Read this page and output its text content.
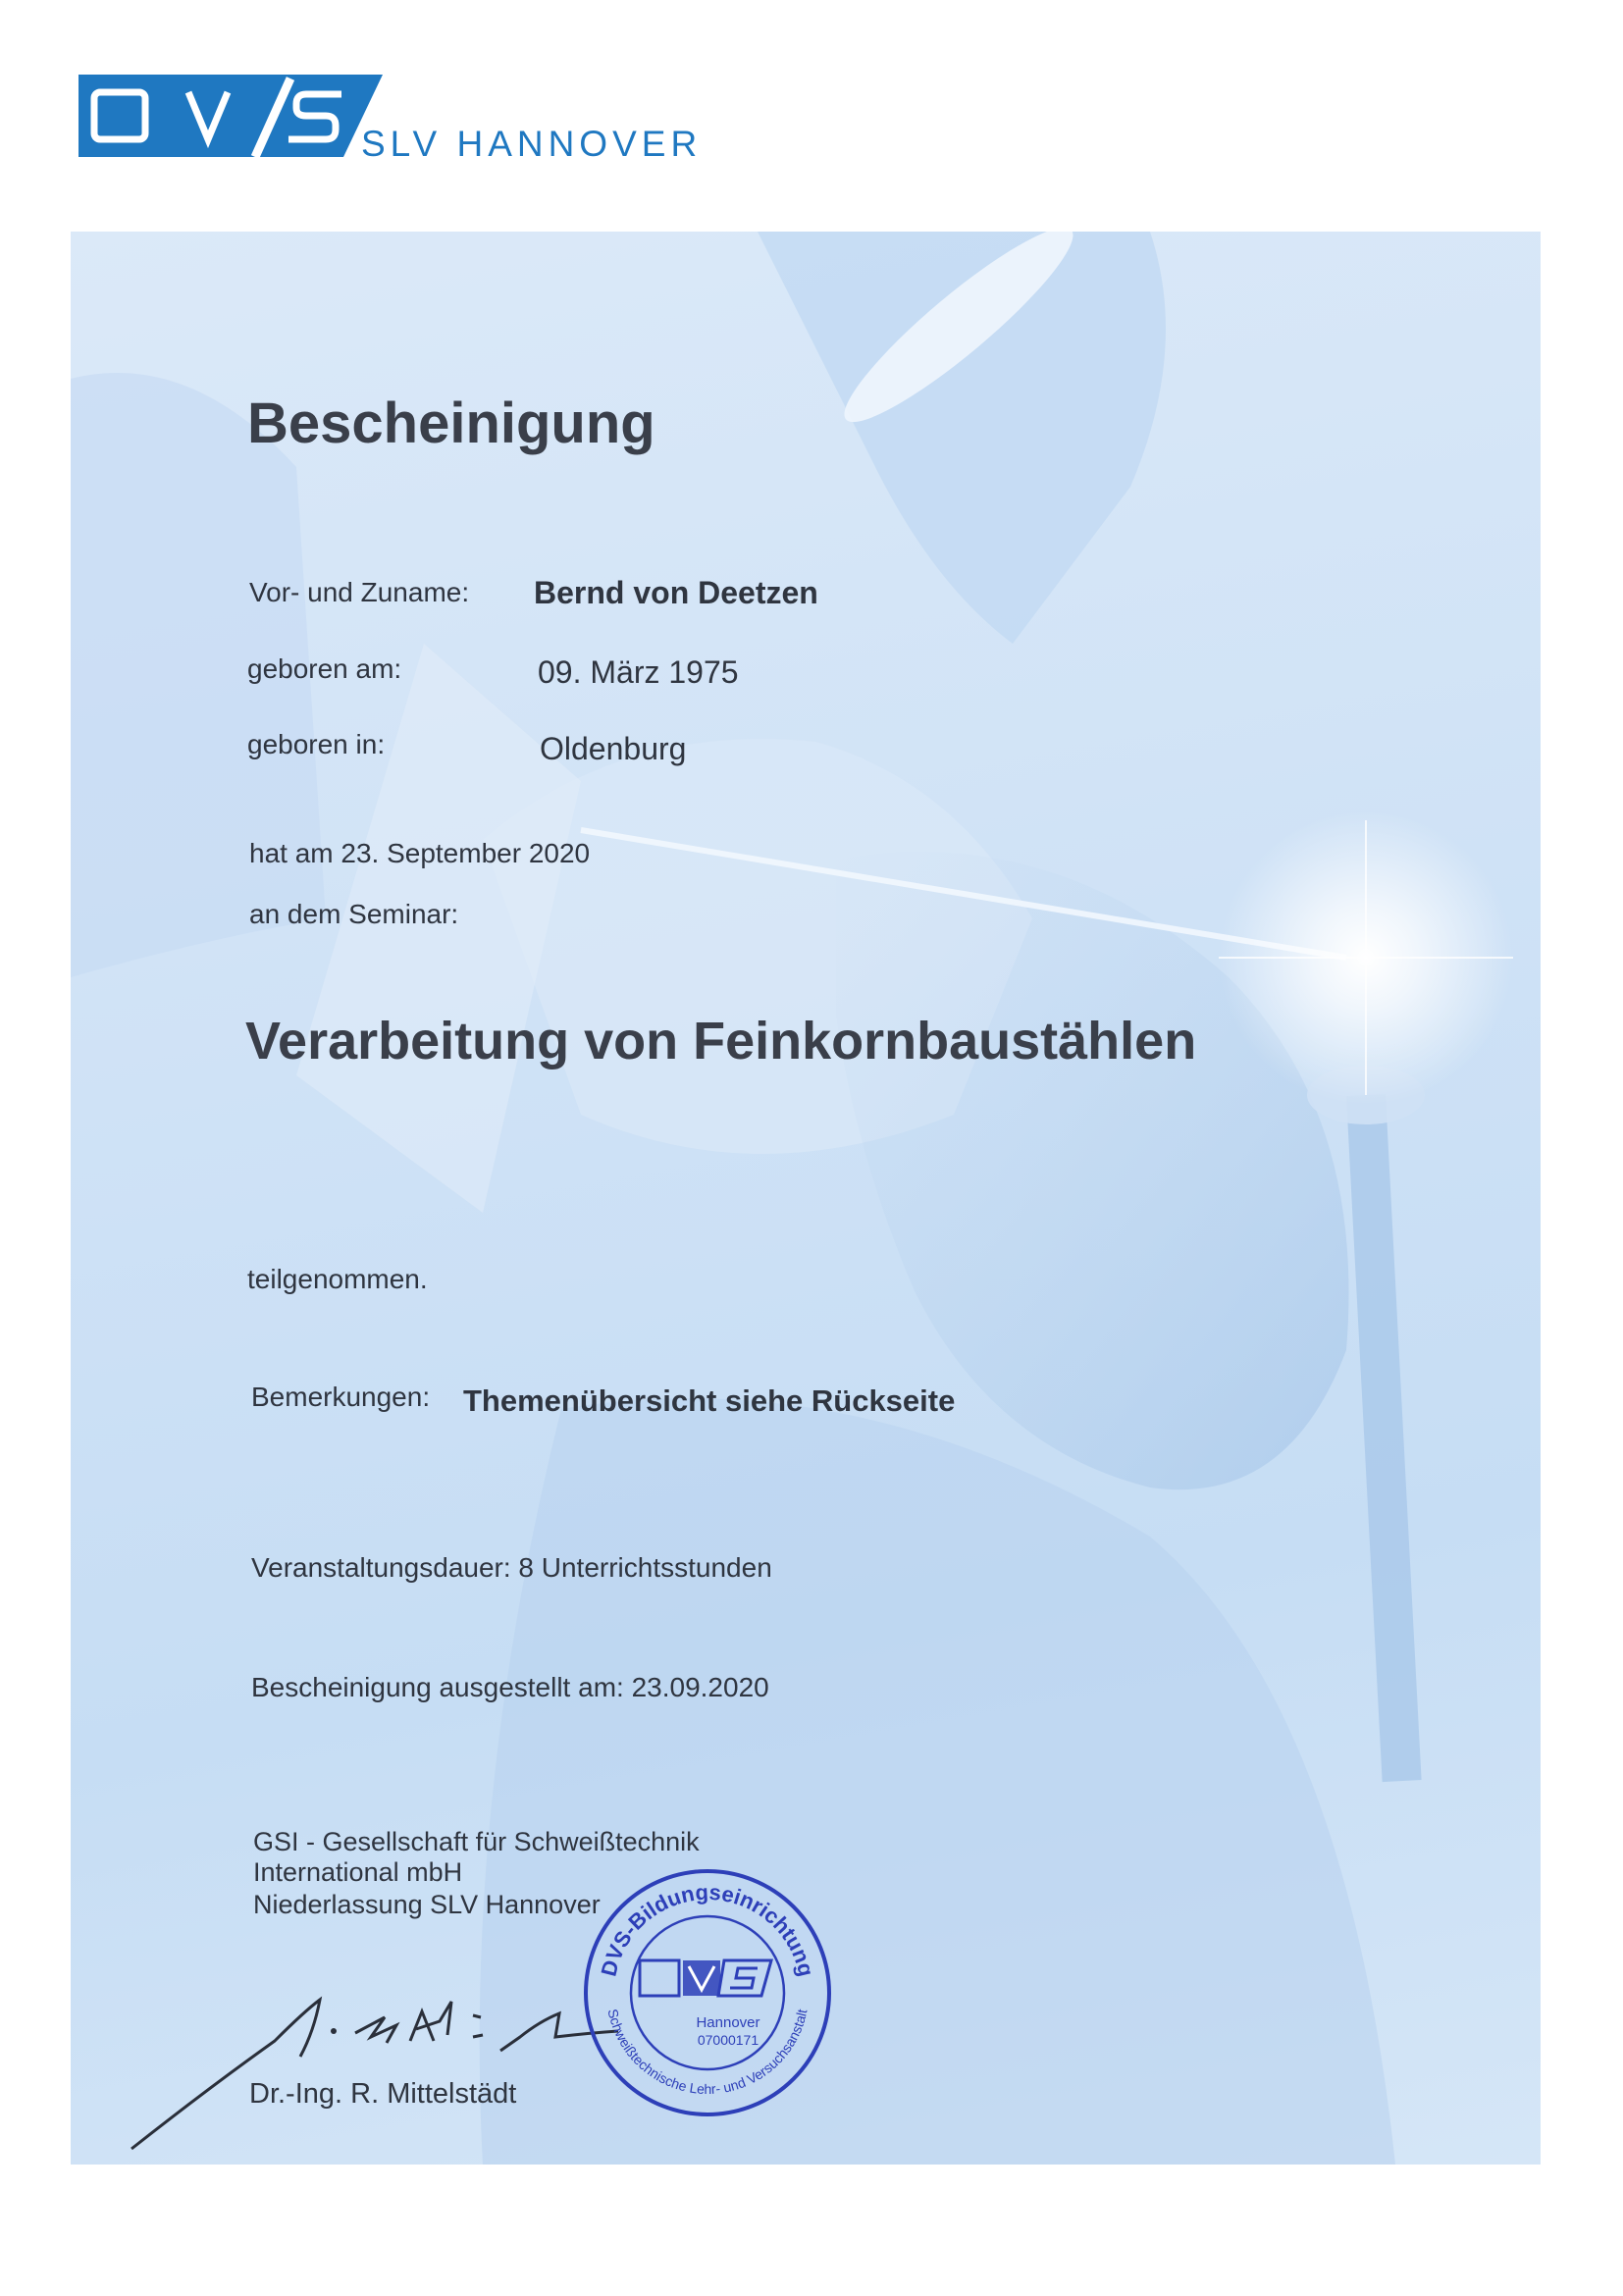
SLV HANNOVER
Bescheinigung
Vor- und Zuname: Bernd von Deetzen
geboren am:	09. März 1975
geboren in:	Oldenburg
hat am 23. September 2020
an dem Seminar:
Verarbeitung von Feinkornbaustählen
teilgenommen.
Bemerkungen: Themenübersicht siehe Rückseite
Veranstaltungsdauer: 8 Unterrichtsstunden
Bescheinigung ausgestellt am: 23.09.2020
GSI - Gesellschaft für Schweißtechnik
International mbH
Niederlassung SLV Hannover
Dr.-Ing. R. Mittelstädt
DVS-Bildungseinrichtung
Schweißtechnische Lehr- und Versuchsanstalt
Hannover
07000171
